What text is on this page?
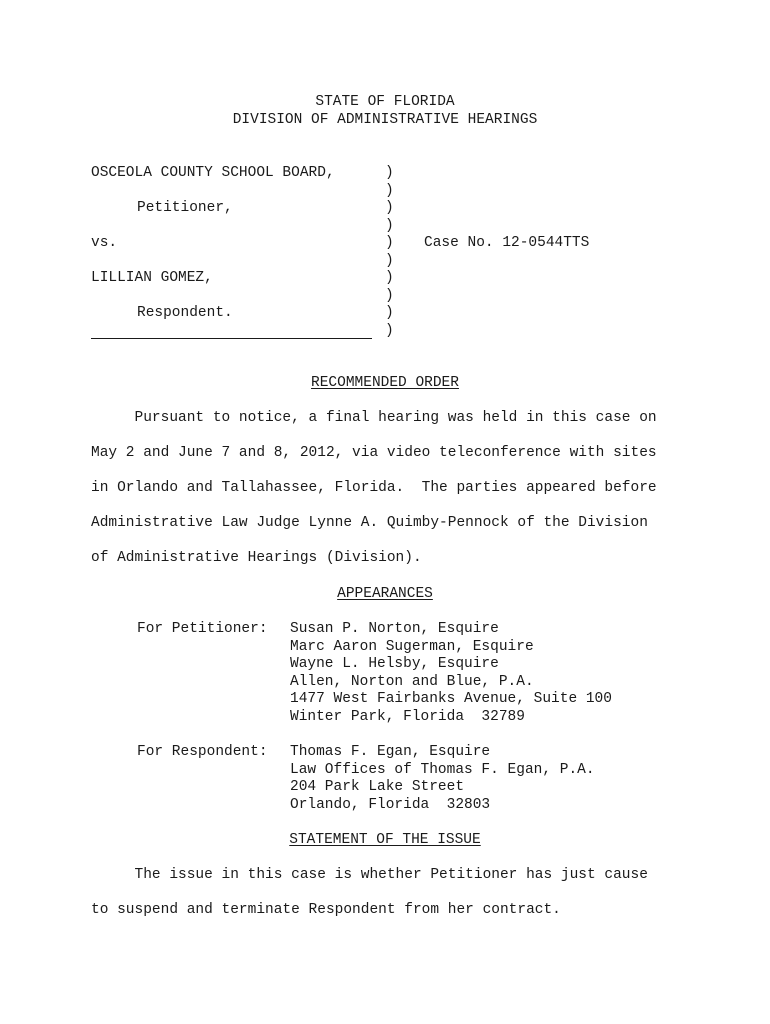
STATE OF FLORIDA
DIVISION OF ADMINISTRATIVE HEARINGS
OSCEOLA COUNTY SCHOOL BOARD,
Petitioner,
vs.
LILLIAN GOMEZ,
Respondent.
)
)
)
)
)
)
)
)
)
)
Case No. 12-0544TTS
RECOMMENDED ORDER
Pursuant to notice, a final hearing was held in this case on
May 2 and June 7 and 8, 2012, via video teleconference with sites
in Orlando and Tallahassee, Florida.  The parties appeared before
Administrative Law Judge Lynne A. Quimby-Pennock of the Division
of Administrative Hearings (Division).
APPEARANCES
For Petitioner: Susan P. Norton, Esquire
Marc Aaron Sugerman, Esquire
Wayne L. Helsby, Esquire
Allen, Norton and Blue, P.A.
1477 West Fairbanks Avenue, Suite 100
Winter Park, Florida  32789
For Respondent: Thomas F. Egan, Esquire
Law Offices of Thomas F. Egan, P.A.
204 Park Lake Street
Orlando, Florida  32803
STATEMENT OF THE ISSUE
The issue in this case is whether Petitioner has just cause
to suspend and terminate Respondent from her contract.
